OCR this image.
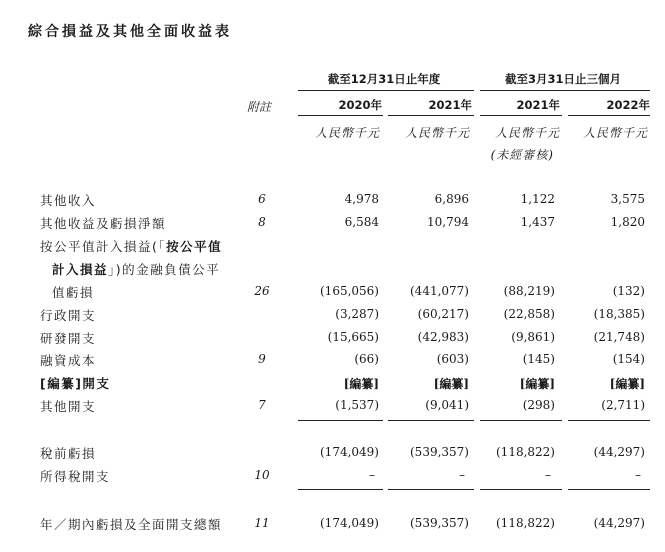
綜合損益及其他全面收益表
截至12月31日止年度	截至3月31日止三個月
附註	2020年	2021年	2021年	2022年
人民幣千元	人民幣千元	人民幣千元	人民幣千元
(未經審核)
其他收入	6	4,978	6,896	1,122	3,575
其他收益及虧損淨額	8	6,584	10,794	1,437	1,820
按公平值計入損益(「按公平值
計入損益」)的金融負債公平
值虧損	26	(165,056)	(441,077)	(88,219)	(132)
行政開支	(3,287)	(60,217)	(22,858)	(18,385)
研發開支	(15,665)	(42,983)	(9,861)	(21,748)
融資成本	9	(66)	(603)	(145)	(154)
[編纂]開支	[編纂]	[編纂]	[編纂]	[編纂]
其他開支	7	(1,537)	(9,041)	(298)	(2,711)
稅前虧損	(174,049)	(539,357) (118,822)	(44,297)
所得稅開支	10	–	–	–	–
年／期內虧損及全面開支總額	11	(174,049)	(539,357) (118,822)	(44,297)
